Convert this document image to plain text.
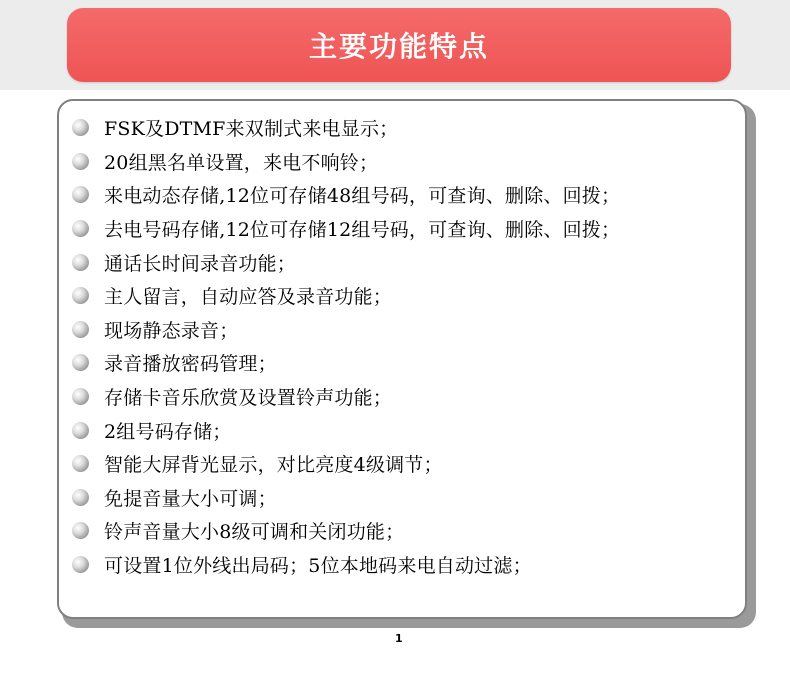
主要功能特点
FSK及DTMF来双制式来电显示；
20组黑名单设置，来电不响铃；
来电动态存储,12位可存储48组号码，可查询、删除、回拨；
去电号码存储,12位可存储12组号码，可查询、删除、回拨；
通话长时间录音功能；
主人留言，自动应答及录音功能；
现场静态录音；
录音播放密码管理；
存储卡音乐欣赏及设置铃声功能；
2组号码存储；
智能大屏背光显示，对比亮度4级调节；
免提音量大小可调；
铃声音量大小8级可调和关闭功能；
可设置1位外线出局码；5位本地码来电自动过滤；
1
